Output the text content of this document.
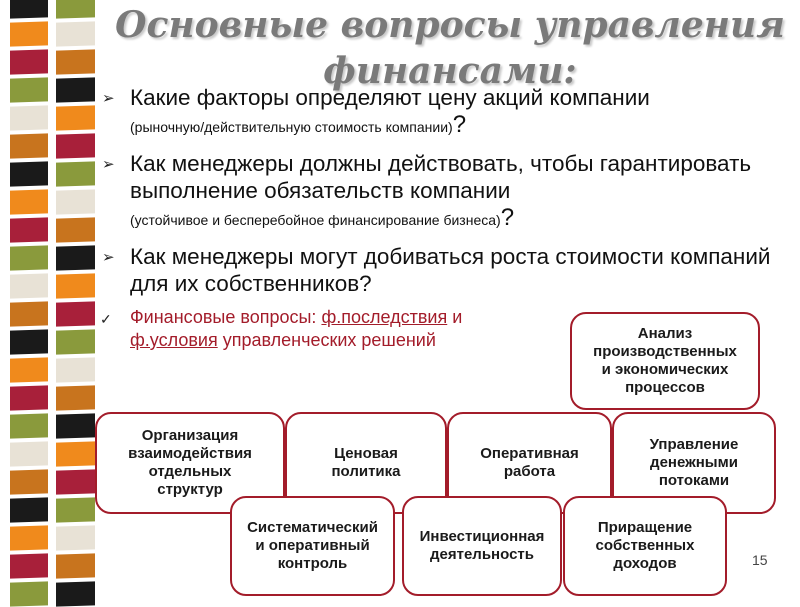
Основные вопросы управления финансами:
➢ Какие факторы определяют цену акций компании
(рыночную/действительную стоимость компании)?
➢ Как менеджеры должны действовать, чтобы гарантировать выполнение обязательств компании
(устойчивое и бесперебойное финансирование бизнеса)?
➢ Как менеджеры могут добиваться роста стоимости компаний для их собственников?
✓ Финансовые вопросы: ф.последствия и
ф.условия управленческих решений	Анализ
производственных
и экономических
процессов
Организация
взаимодействия
отдельных
структур
Ценовая
политика
Оперативная
работа
Управление
денежными
потоками
Систематический
и оперативный
контроль
Инвестиционная
деятельность
Приращение
собственных
доходов	15
